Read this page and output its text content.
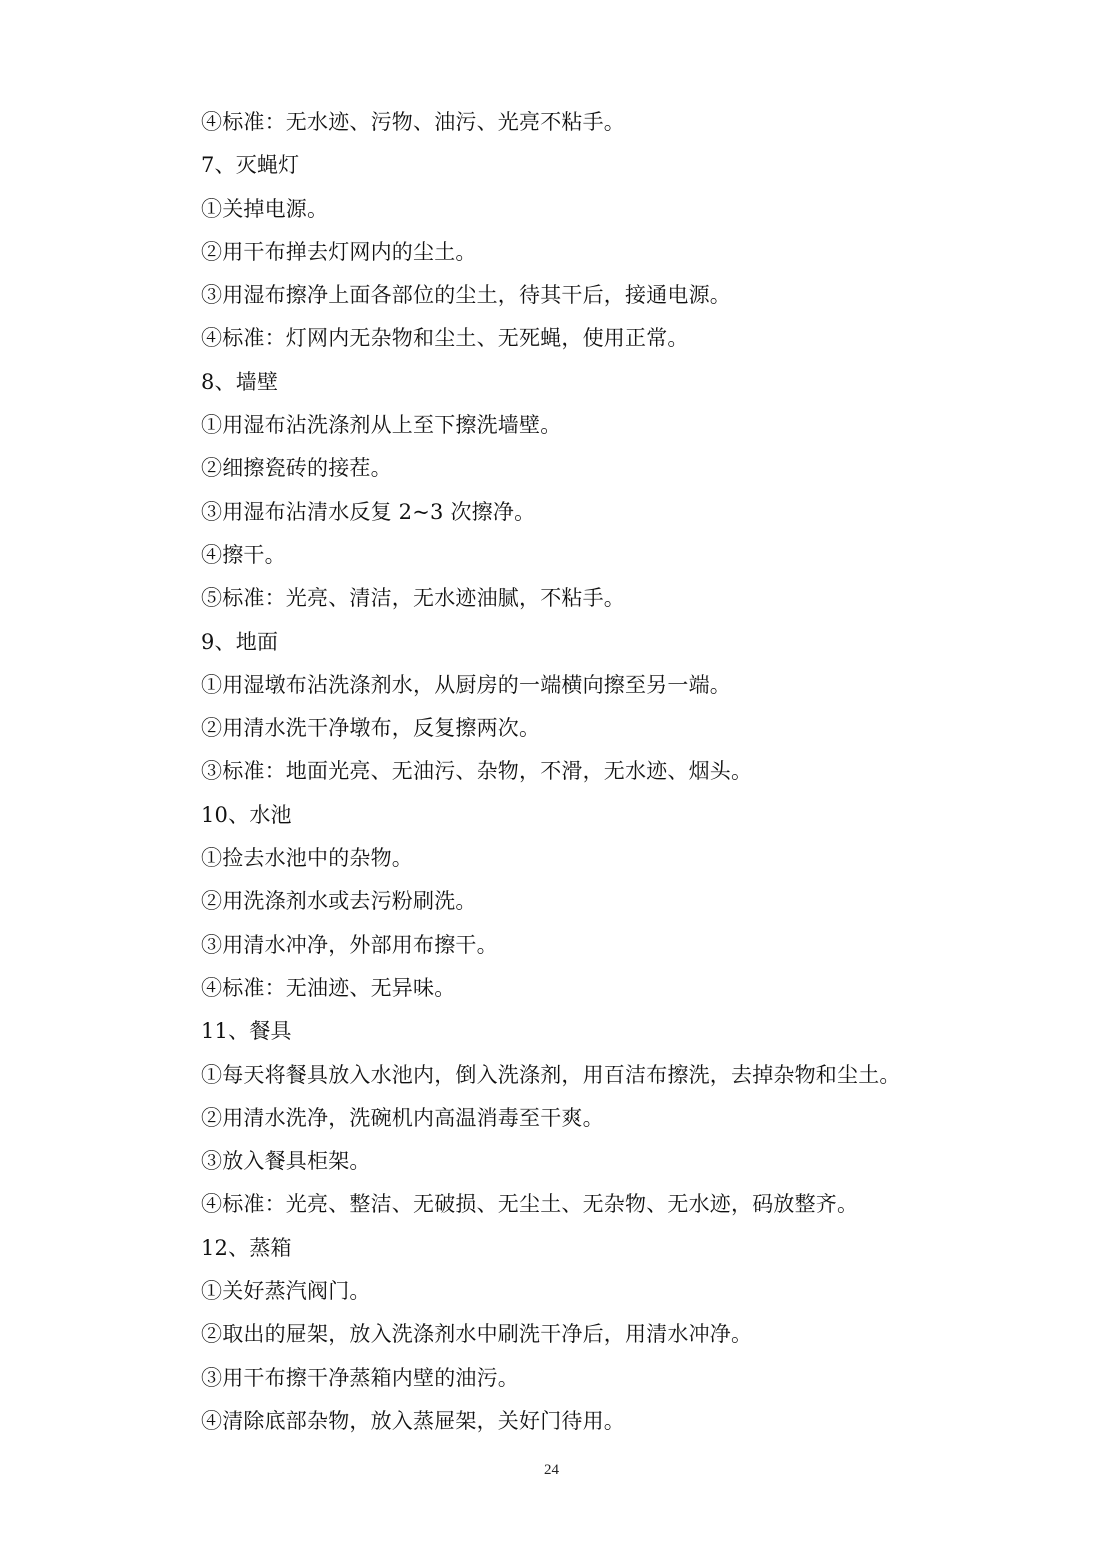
④标准：无水迹、污物、油污、光亮不粘手。
7、灭蝇灯
①关掉电源。
②用干布掸去灯网内的尘土。
③用湿布擦净上面各部位的尘土，待其干后，接通电源。
④标准：灯网内无杂物和尘土、无死蝇，使用正常。
8、墙壁
①用湿布沾洗涤剂从上至下擦洗墙壁。
②细擦瓷砖的接茬。
③用湿布沾清水反复 2~3 次擦净。
④擦干。
⑤标准：光亮、清洁，无水迹油腻，不粘手。
9、地面
①用湿墩布沾洗涤剂水，从厨房的一端横向擦至另一端。
②用清水洗干净墩布，反复擦两次。
③标准：地面光亮、无油污、杂物，不滑，无水迹、烟头。
10、水池
①捡去水池中的杂物。
②用洗涤剂水或去污粉刷洗。
③用清水冲净，外部用布擦干。
④标准：无油迹、无异味。
11、餐具
①每天将餐具放入水池内，倒入洗涤剂，用百洁布擦洗，去掉杂物和尘土。
②用清水洗净，洗碗机内高温消毒至干爽。
③放入餐具柜架。
④标准：光亮、整洁、无破损、无尘土、无杂物、无水迹，码放整齐。
12、蒸箱
①关好蒸汽阀门。
②取出的屉架，放入洗涤剂水中刷洗干净后，用清水冲净。
③用干布擦干净蒸箱内壁的油污。
④清除底部杂物，放入蒸屉架，关好门待用。
24
